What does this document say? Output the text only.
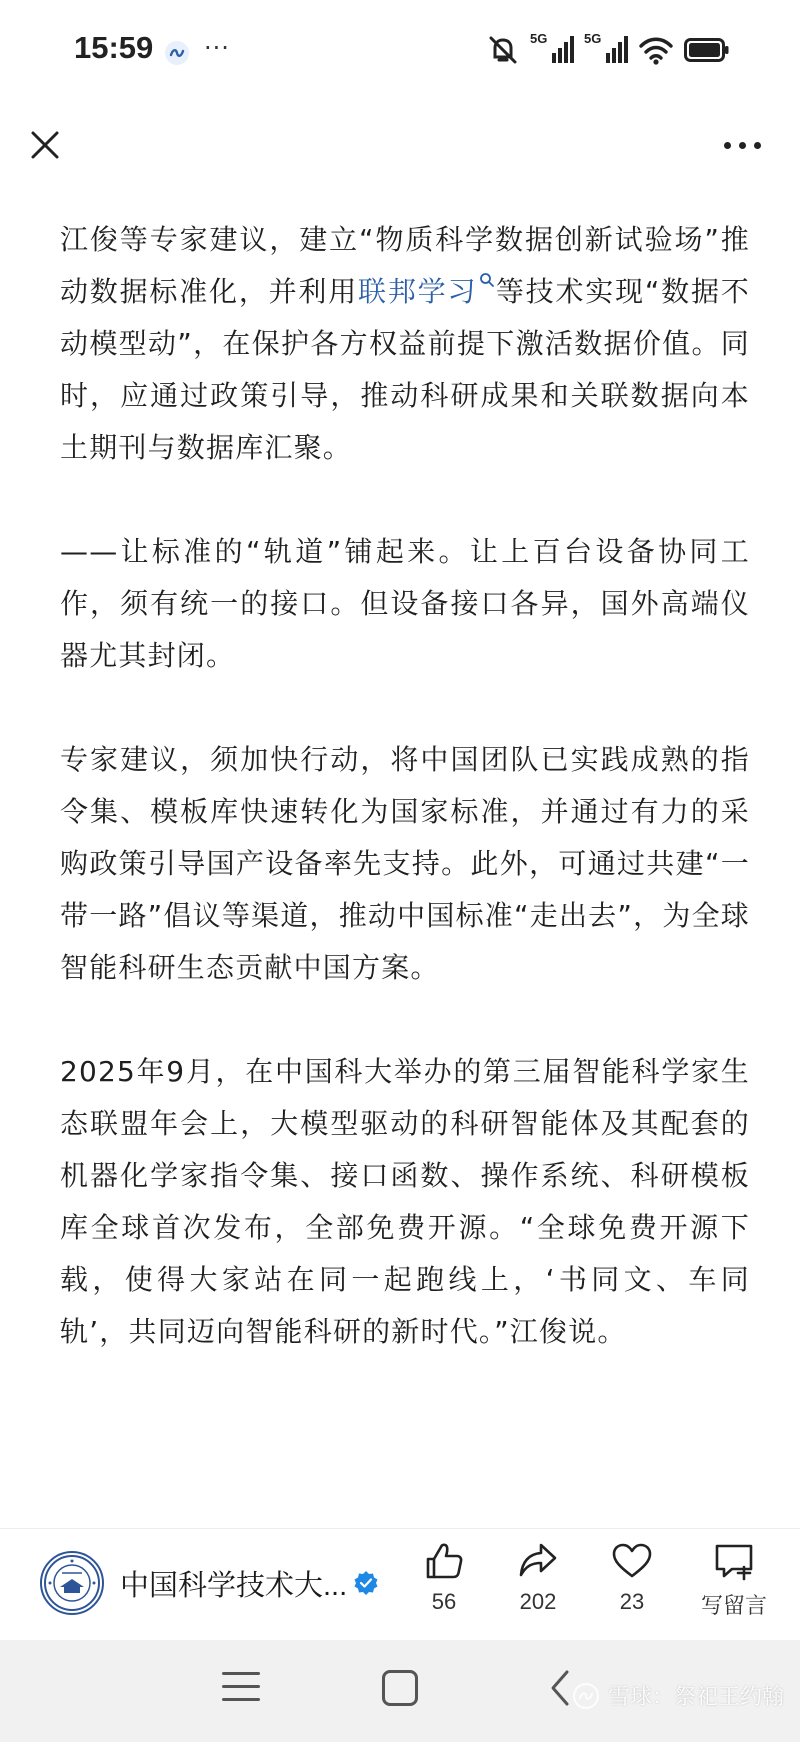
15:59 ···	5G	5G

江俊等专家建议，建立“物质科学数据创新试验场”推动数据标准化，并利用联邦学习 等技术实现“数据不动模型动”，在保护各方权益前提下激活数据价值。同时，应通过政策引导，推动科研成果和关联数据向本土期刊与数据库汇聚。

——让标准的“轨道”铺起来。让上百台设备协同工作，须有统一的接口。但设备接口各异，国外高端仪器尤其封闭。

专家建议，须加快行动，将中国团队已实践成熟的指令集、模板库快速转化为国家标准，并通过有力的采购政策引导国产设备率先支持。此外，可通过共建“一带一路”倡议等渠道，推动中国标准“走出去”，为全球智能科研生态贡献中国方案。

2025年9月，在中国科大举办的第三届智能科学家生态联盟年会上，大模型驱动的科研智能体及其配套的机器化学家指令集、接口函数、操作系统、科研模板库全球首次发布，全部免费开源。“全球免费开源下载，使得大家站在同一起跑线上，‘书同文、车同轨’，共同迈向智能科研的新时代。”江俊说。

中国科学技术大...	56	202	23	写留言
雪球：祭祀王约翰
